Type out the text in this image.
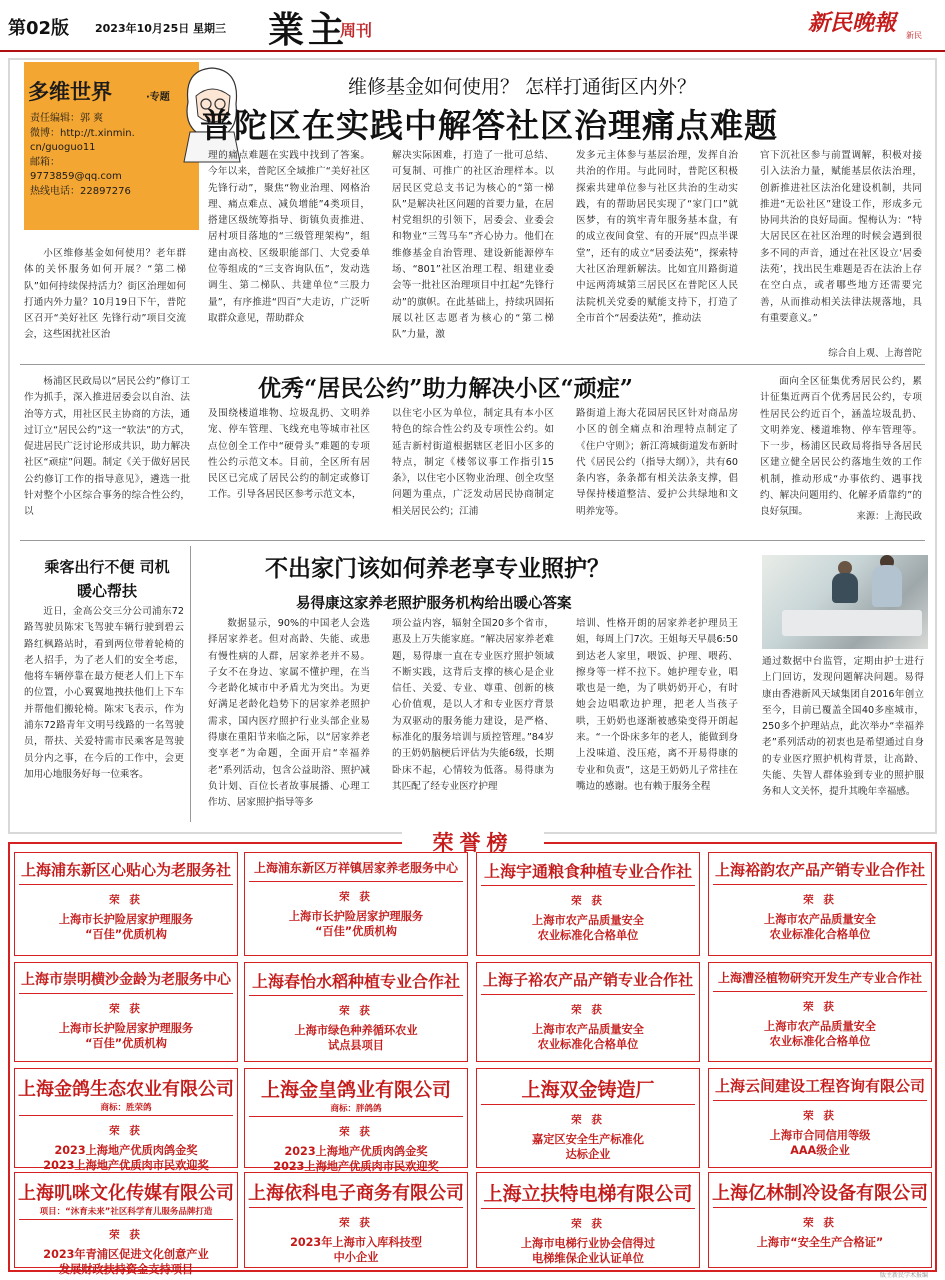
第02版 2023年10月25日 星期三 業主
周刊	新民晚報 新民
多维世界	·专题
责任编辑：郭 爽
微博：http://t.xinmin.
cn/guoguo11
邮箱：
9773859@qq.com
热线电话：22897276
维修基金如何使用？ 怎样打通街区内外？
普陀区在实践中解答社区治理痛点难题
小区维修基金如何使用？老年群体的关怀服务如何开展？“第二梯队”如何持续保持活力？街区治理如何打通内外力量？10月19日下午，普陀区召开“美好社区 先锋行动”项目交流会，这些困扰社区治
理的痛点难题在实践中找到了答案。今年以来，普陀区全域推广“美好社区 先锋行动”，聚焦“物业治理、网格治理、痛点难点、减负增能”4类项目，搭建区级统筹指导、街镇负责推进、居村项目落地的“三级管理架构”，组建由高校、区级职能部门、大党委单位等组成的“三支咨询队伍”，发动选调生、第二梯队、共建单位“三股力量”，有序推进“四百”大走访，广泛听取群众意见，帮助群众
解决实际困难，打造了一批可总结、可复制、可推广的社区治理样本。以居民区党总支书记为核心的“第一梯队”是解决社区问题的首要力量，在居村党组织的引领下，居委会、业委会和物业“三驾马车”齐心协力。他们在维修基金自治管理、建设新能源停车场、“801”社区治理工程、组建业委会等一批社区治理项目中扛起“先锋行动”的旗帜。在此基础上，持续巩固拓展以社区志愿者为核心的“第二梯队”力量，激
发多元主体参与基层治理，发挥自治共治的作用。与此同时，普陀区积极探索共建单位参与社区共治的生动实践，有的帮助居民实现了“家门口”就医梦，有的筑牢青年服务基本盘，有的成立夜间食堂、有的开展“四点半课堂”，还有的成立“居委法苑”，探索特大社区治理新解法。比如宜川路街道中远两湾城第三居民区在普陀区人民法院机关党委的赋能支持下，打造了全市首个“居委法苑”，推动法
官下沉社区参与前置调解，积极对接引入法治力量，赋能基层依法治理，创新推进社区法治化建设机制，共同推进“无讼社区”建设工作，形成多元协同共治的良好局面。惺梅认为：“特大居民区在社区治理的时候会遇到很多不同的声音，通过在社区设立‘居委法苑’，找出民生难题是否在法治上存在空白点，或者哪些地方还需要完善，从而推动相关法律法规落地，具有重要意义。”
综合自上观、上海普陀
优秀“居民公约”助力解决小区“顽症”
杨浦区民政局以“居民公约”修订工作为抓手，深入推进居委会以自治、法治等方式，用社区民主协商的方法，通过订立“居民公约”这一“软法”的方式，促进居民广泛讨论形成共识，助力解决社区“顽症”问题。制定《关于做好居民公约修订工作的指导意见》，遴选一批针对整个小区综合事务的综合性公约，以
及围绕楼道堆物、垃圾乱扔、文明养宠、停车管理、飞线充电等城市社区点位创全工作中“硬骨头”难题的专项性公约示范文本。目前，全区所有居民区已完成了居民公约的制定或修订工作。引导各居民区参考示范文本，
以住宅小区为单位，制定具有本小区特色的综合性公约及专项性公约。如延吉新村街道根据辖区老旧小区多的特点，制定《楼邻议事工作指引15条》，以住宅小区物业治理、创全攻坚问题为重点，广泛发动居民协商制定相关居民公约；江浦
路街道上海大花园居民区针对商品房小区的创全痛点和治理特点制定了《住户守则》；新江湾城街道发布新时代《居民公约（指导大纲）》，共有60条内容，条条都有相关法条支撑，倡导保持楼道整洁、爱护公共绿地和文明养宠等。
面向全区征集优秀居民公约，累计征集近两百个优秀居民公约，专项性居民公约近百个，涵盖垃圾乱扔、文明养宠、楼道堆物、停车管理等。下一步，杨浦区民政局将指导各居民区建立健全居民公约落地生效的工作机制，推动形成“办事依约、遇事找约、解决问题用约、化解矛盾靠约”的良好氛围。	来源：上海民政
乘客出行不便 司机暖心帮扶
近日，金高公交三分公司浦东72路驾驶员陈宋飞驾驶车辆行驶到碧云路红枫路站时，看到两位带着轮椅的老人招手，为了老人们的安全考虑，他将车辆停靠在最方便老人们上下车的位置，小心翼翼地拽扶他们上下车并帮他们搬轮椅。陈宋飞表示，作为浦东72路青年文明号线路的一名驾驶员，帮扶、关爱特需市民乘客是驾驶员分内之事，在今后的工作中，会更加用心地服务好每一位乘客。
不出家门该如何养老享专业照护？
易得康这家养老照护服务机构给出暖心答案
数据显示，90%的中国老人会选择居家养老。但对高龄、失能、或患有慢性病的人群，居家养老并不易。子女不在身边、家属不懂护理，在当今老龄化城市中矛盾尤为突出。为更好满足老龄化趋势下的居家养老照护需求，国内医疗照护行业头部企业易得康在重阳节来临之际，以“居家养老变享老”为命题，全面开启“幸福养老”系列活动，包含公益助浴、照护减负计划、百位长者故事展播、心理工作坊、居家照护指导等多
项公益内容，辐射全国20多个省市，惠及上万失能家庭。“解决居家养老难题，易得康一直在专业医疗照护领域不断实践，这背后支撑的核心是企业信任、关爱、专业、尊重、创新的核心价值观，是以人才和专业医疗背景为双驱动的服务能力建设，是严格、标准化的服务培训与质控管理。”84岁的王奶奶脑梗后评估为失能6级，长期卧床不起，心情较为低落。易得康为其匹配了经专业医疗护理
培训、性格开朗的居家养老护理员王姐，每周上门7次。王姐每天早晨6:50到达老人家里，喂饭、护理、喂药、擦身等一样不拉下。她护理专业，唱歌也是一绝，为了哄奶奶开心，有时她会边唱歌边护理，把老人当孩子哄，王奶奶也逐渐被感染变得开朗起来。“一个卧床多年的老人，能做到身上没味道、没压疮，离不开易得康的专业和负责”，这是王奶奶儿子常挂在嘴边的感谢。也有赖于服务全程
通过数据中台监管，定期由护士进行上门回访，发现问题解决问题。易得康由香港新风天域集团自2016年创立至今，目前已覆盖全国40多座城市，250多个护理站点，此次举办“幸福养老”系列活动的初衷也是希望通过自身的专业医疗照护机构背景，让高龄、失能、失智人群体验到专业的照护服务和人文关怀，提升其晚年幸福感。
荣誉榜
上海浦东新区心贴心为老服务社
荣 获
上海市长护险居家护理服务
“百佳”优质机构
上海浦东新区万祥镇居家养老服务中心
荣 获
上海市长护险居家护理服务
“百佳”优质机构
上海宇通粮食种植专业合作社
荣 获
上海市农产品质量安全
农业标准化合格单位
上海裕韵农产品产销专业合作社
荣 获
上海市农产品质量安全
农业标准化合格单位
上海市崇明横沙金龄为老服务中心
荣 获
上海市长护险居家护理服务
“百佳”优质机构
上海春怡水稻种植专业合作社
荣 获
上海市绿色种养循环农业
试点县项目
上海子裕农产品产销专业合作社
荣 获
上海市农产品质量安全
农业标准化合格单位
上海漕泾植物研究开发生产专业合作社
荣 获
上海市农产品质量安全
农业标准化合格单位
上海金鸽生态农业有限公司
商标：胜荣鸽
荣 获
2023上海地产优质肉鸽金奖
2023上海地产优质肉市民欢迎奖
上海金皇鸽业有限公司
商标：胖鸽鸽
荣 获
2023上海地产优质肉鸽金奖
2023上海地产优质肉市民欢迎奖
上海双金铸造厂
荣 获
嘉定区安全生产标准化
达标企业
上海云间建设工程咨询有限公司
荣 获
上海市合同信用等级
AAA级企业
上海叽咪文化传媒有限公司
项目：“沐育未来”社区科学育儿服务品牌打造
荣 获
2023年青浦区促进文化创意产业
发展财政扶持资金支持项目
上海依科电子商务有限公司
荣 获
2023年上海市入库科技型
中小企业
上海立扶特电梯有限公司
荣 获
上海市电梯行业协会信得过
电梯维保企业认证单位
上海亿林制冷设备有限公司
荣 获
上海市“安全生产合格证”
版主新民学术报编
